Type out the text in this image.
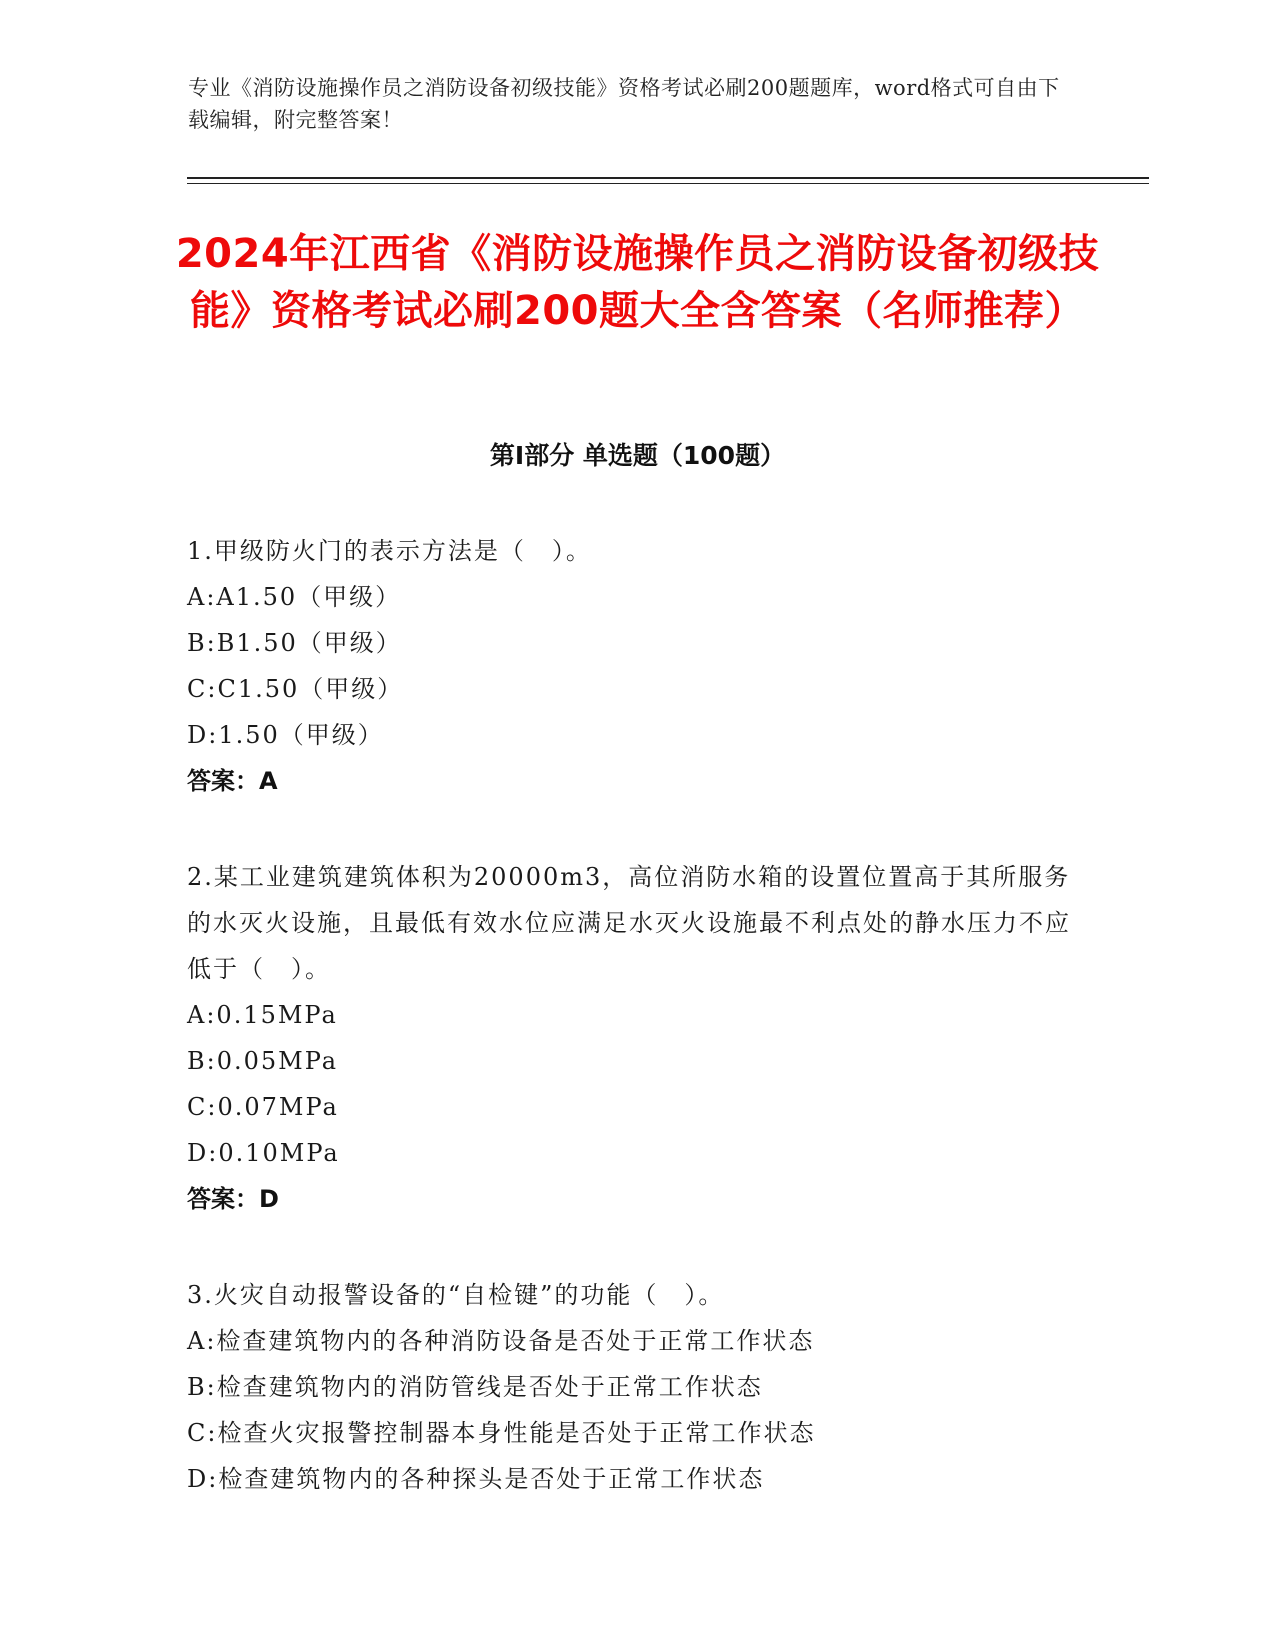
专业《消防设施操作员之消防设备初级技能》资格考试必刷200题题库，word格式可自由下载编辑，附完整答案！
2024年江西省《消防设施操作员之消防设备初级技能》资格考试必刷200题大全含答案（名师推荐）
第I部分 单选题（100题）

1.甲级防火门的表示方法是（　）。

A:A1.50（甲级）

B:B1.50（甲级）

C:C1.50（甲级）

D:1.50（甲级）

答案：A

2.某工业建筑建筑体积为20000m3，高位消防水箱的设置位置高于其所服务的水灭火设施，且最低有效水位应满足水灭火设施最不利点处的静水压力不应低于（　）。

A:0.15MPa

B:0.05MPa

C:0.07MPa

D:0.10MPa

答案：D

3.火灾自动报警设备的“自检键”的功能（　）。

A:检查建筑物内的各种消防设备是否处于正常工作状态

B:检查建筑物内的消防管线是否处于正常工作状态

C:检查火灾报警控制器本身性能是否处于正常工作状态

D:检查建筑物内的各种探头是否处于正常工作状态
